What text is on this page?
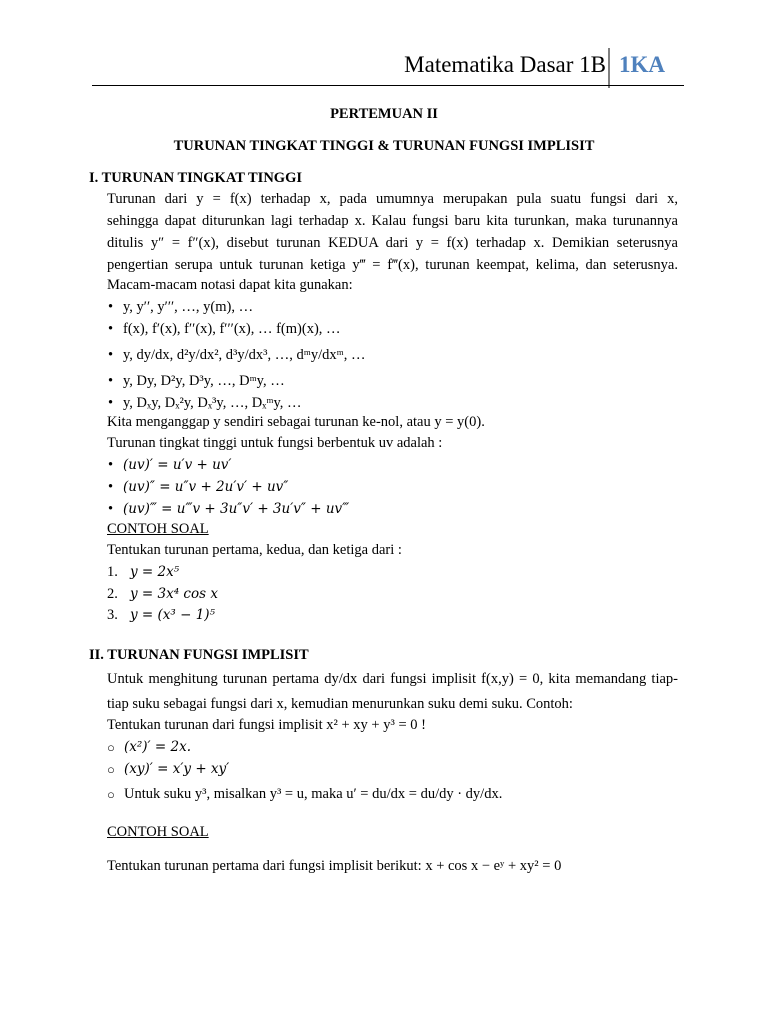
Matematika Dasar 1B 1KA
PERTEMUAN II
TURUNAN TINGKAT TINGGI & TURUNAN FUNGSI IMPLISIT
I. TURUNAN TINGKAT TINGGI
Turunan dari y = f(x) terhadap x, pada umumnya merupakan pula suatu fungsi dari x,
sehingga dapat diturunkan lagi terhadap x. Kalau fungsi baru kita turunkan, maka turunannya
ditulis y″ = f″(x), disebut turunan KEDUA dari y = f(x) terhadap x. Demikian seterusnya
pengertian serupa untuk turunan ketiga y‴ = f‴(x), turunan keempat, kelima, dan seterusnya.
Macam-macam notasi dapat kita gunakan:
• y, y′′, y′′′, …, y(m), …
• f(x), f′(x), f′′(x), f′′′(x), … f(m)(x), …
• y, dy/dx, d²y/dx², d³y/dx³, …, dᵐy/dxᵐ, …
• y, Dy, D²y, D³y, …, Dᵐy, …
• y, Dₓy, Dₓ²y, Dₓ³y, …, Dₓᵐy, …
Kita menganggap y sendiri sebagai turunan ke-nol, atau y = y(0).
Turunan tingkat tinggi untuk fungsi berbentuk uv adalah :
• (uv)′ = u′v + uv′
• (uv)″ = u″v + 2u′v′ + uv″
• (uv)‴ = u‴v + 3u″v′ + 3u′v″ + uv‴
CONTOH SOAL
Tentukan turunan pertama, kedua, dan ketiga dari :
1. y = 2x⁵
2. y = 3x⁴ cos x
3. y = (x³ − 1)⁵
II. TURUNAN FUNGSI IMPLISIT
Untuk menghitung turunan pertama dy/dx dari fungsi implisit f(x,y) = 0, kita memandang tiap-
tiap suku sebagai fungsi dari x, kemudian menurunkan suku demi suku. Contoh:
Tentukan turunan dari fungsi implisit x² + xy + y³ = 0 !
○ (x²)′ = 2x.
○ (xy)′ = x′y + xy′
○ Untuk suku y³, misalkan y³ = u, maka u′ = du/dx = du/dy · dy/dx.
CONTOH SOAL
Tentukan turunan pertama dari fungsi implisit berikut: x + cos x − eʸ + xy² = 0
